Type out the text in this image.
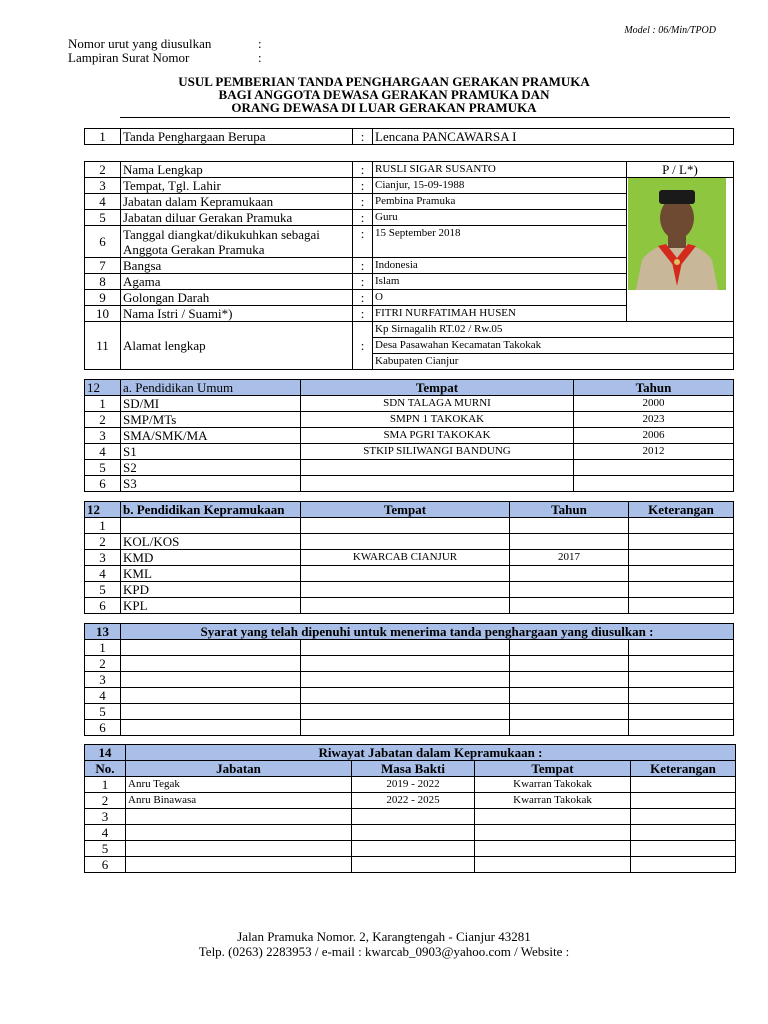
Model : 06/Min/TPOD
Nomor urut yang diusulkan	:
Lampiran Surat Nomor	:
USUL PEMBERIAN TANDA PENGHARGAAN GERAKAN PRAMUKA
BAGI ANGGOTA DEWASA GERAKAN PRAMUKA DAN
ORANG DEWASA DI LUAR GERAKAN PRAMUKA
1	Tanda Penghargaan Berupa	:	Lencana PANCAWARSA I
2	Nama Lengkap	:	RUSLI SIGAR SUSANTO	P / L*)
3	Tempat, Tgl. Lahir	:	Cianjur, 15-09-1988	
4	Jabatan dalam Kepramukaan	:	Pembina Pramuka	
5	Jabatan diluar Gerakan Pramuka	:	Guru	
6	Tanggal diangkat/dikukuhkan sebagai
Anggota Gerakan Pramuka	:	15 September 2018	
7	Bangsa	:	Indonesia	
8	Agama	:	Islam	
9	Golongan Darah	:	O	
10	Nama Istri / Suami*)	:	FITRI NURFATIMAH HUSEN	
11	Alamat lengkap	:	Kp Sirnagalih RT.02 / Rw.05	
			Desa Pasawahan Kecamatan Takokak	
			Kabupaten Cianjur	
12	a. Pendidikan Umum	Tempat	Tahun
1	SD/MI	SDN TALAGA MURNI	2000
2	SMP/MTs	SMPN 1 TAKOKAK	2023
3	SMA/SMK/MA	SMA PGRI TAKOKAK	2006
4	S1	STKIP SILIWANGI BANDUNG	2012
5	S2		
6	S3		
12	b. Pendidikan Kepramukaan	Tempat	Tahun	Keterangan
1				
2	KOL/KOS			
3	KMD	KWARCAB CIANJUR	2017	
4	KML			
5	KPD			
6	KPL			
13	Syarat yang telah dipenuhi untuk menerima tanda penghargaan yang diusulkan :			
1				
2				
3				
4				
5				
6				
14	Riwayat Jabatan dalam Kepramukaan :			
No.	Jabatan	Masa Bakti	Tempat	Keterangan
1	Anru Tegak	2019 - 2022	Kwarran Takokak	
2	Anru Binawasa	2022 - 2025	Kwarran Takokak	
3				
4				
5				
6				
Jalan Pramuka Nomor. 2, Karangtengah - Cianjur 43281
Telp. (0263) 2283953 / e-mail : kwarcab_0903@yahoo.com / Website :
